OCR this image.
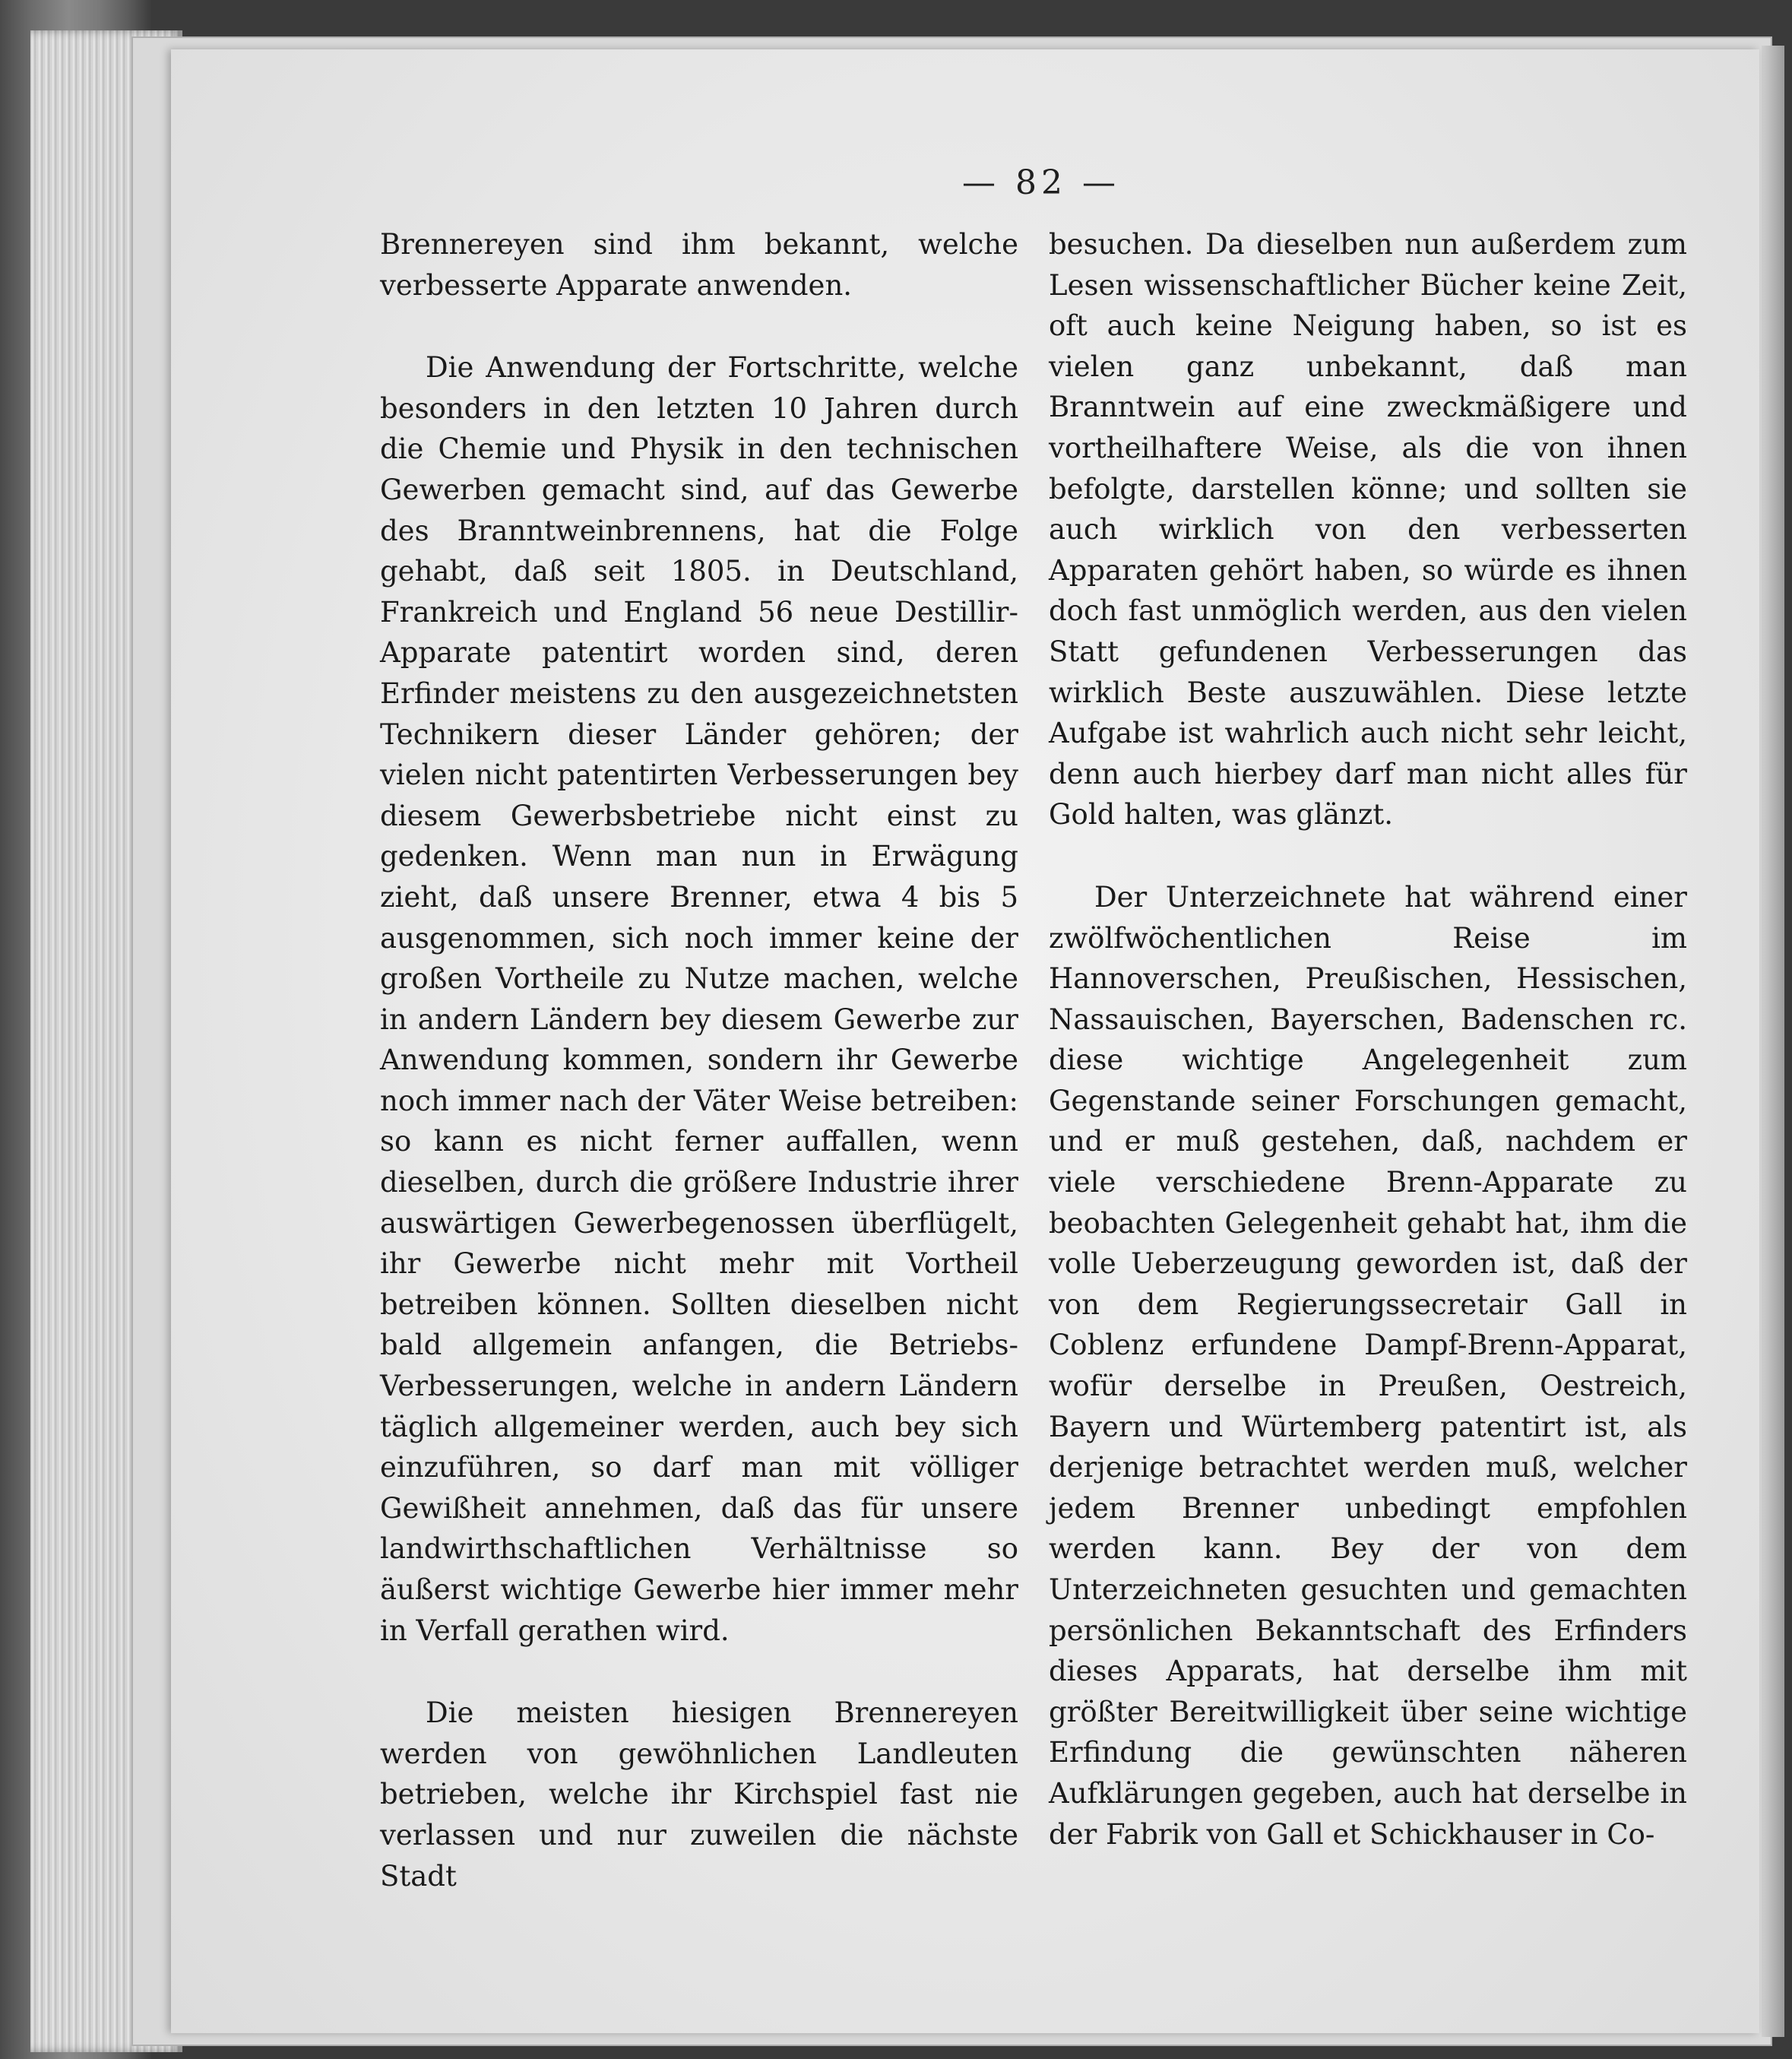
— 82 —

Brennereyen sind ihm bekannt, welche verbesserte Apparate anwenden.

Die Anwendung der Fortschritte, welche besonders in den letzten 10 Jahren durch die Chemie und Physik in den technischen Gewerben gemacht sind, auf das Gewerbe des Branntweinbrennens, hat die Folge gehabt, daß seit 1805. in Deutschland, Frankreich und England 56 neue Destillir-Apparate patentirt worden sind, deren Erfinder meistens zu den ausgezeichnetsten Technikern dieser Länder gehören; der vielen nicht patentirten Verbesserungen bey diesem Gewerbsbetriebe nicht einst zu gedenken. Wenn man nun in Erwägung zieht, daß unsere Brenner, etwa 4 bis 5 ausgenommen, sich noch immer keine der großen Vortheile zu Nutze machen, welche in andern Ländern bey diesem Gewerbe zur Anwendung kommen, sondern ihr Gewerbe noch immer nach der Väter Weise betreiben: so kann es nicht ferner auffallen, wenn dieselben, durch die größere Industrie ihrer auswärtigen Gewerbegenossen überflügelt, ihr Gewerbe nicht mehr mit Vortheil betreiben können. Sollten dieselben nicht bald allgemein anfangen, die Betriebs-Verbesserungen, welche in andern Ländern täglich allgemeiner werden, auch bey sich einzuführen, so darf man mit völliger Gewißheit annehmen, daß das für unsere landwirthschaftlichen Verhältnisse so äußerst wichtige Gewerbe hier immer mehr in Verfall gerathen wird.

Die meisten hiesigen Brennereyen werden von gewöhnlichen Landleuten betrieben, welche ihr Kirchspiel fast nie verlassen und nur zuweilen die nächste Stadt

besuchen. Da dieselben nun außerdem zum Lesen wissenschaftlicher Bücher keine Zeit, oft auch keine Neigung haben, so ist es vielen ganz unbekannt, daß man Branntwein auf eine zweckmäßigere und vortheilhaftere Weise, als die von ihnen befolgte, darstellen könne; und sollten sie auch wirklich von den verbesserten Apparaten gehört haben, so würde es ihnen doch fast unmöglich werden, aus den vielen Statt gefundenen Verbesserungen das wirklich Beste auszuwählen. Diese letzte Aufgabe ist wahrlich auch nicht sehr leicht, denn auch hierbey darf man nicht alles für Gold halten, was glänzt.

Der Unterzeichnete hat während einer zwölfwöchentlichen Reise im Hannoverschen, Preußischen, Hessischen, Nassauischen, Bayerschen, Badenschen rc. diese wichtige Angelegenheit zum Gegenstande seiner Forschungen gemacht, und er muß gestehen, daß, nachdem er viele verschiedene Brenn-Apparate zu beobachten Gelegenheit gehabt hat, ihm die volle Ueberzeugung geworden ist, daß der von dem Regierungssecretair Gall in Coblenz erfundene Dampf-Brenn-Apparat, wofür derselbe in Preußen, Oestreich, Bayern und Würtemberg patentirt ist, als derjenige betrachtet werden muß, welcher jedem Brenner unbedingt empfohlen werden kann. Bey der von dem Unterzeichneten gesuchten und gemachten persönlichen Bekanntschaft des Erfinders dieses Apparats, hat derselbe ihm mit größter Bereitwilligkeit über seine wichtige Erfindung die gewünschten näheren Aufklärungen gegeben, auch hat derselbe in der Fabrik von Gall et Schickhauser in Co-
